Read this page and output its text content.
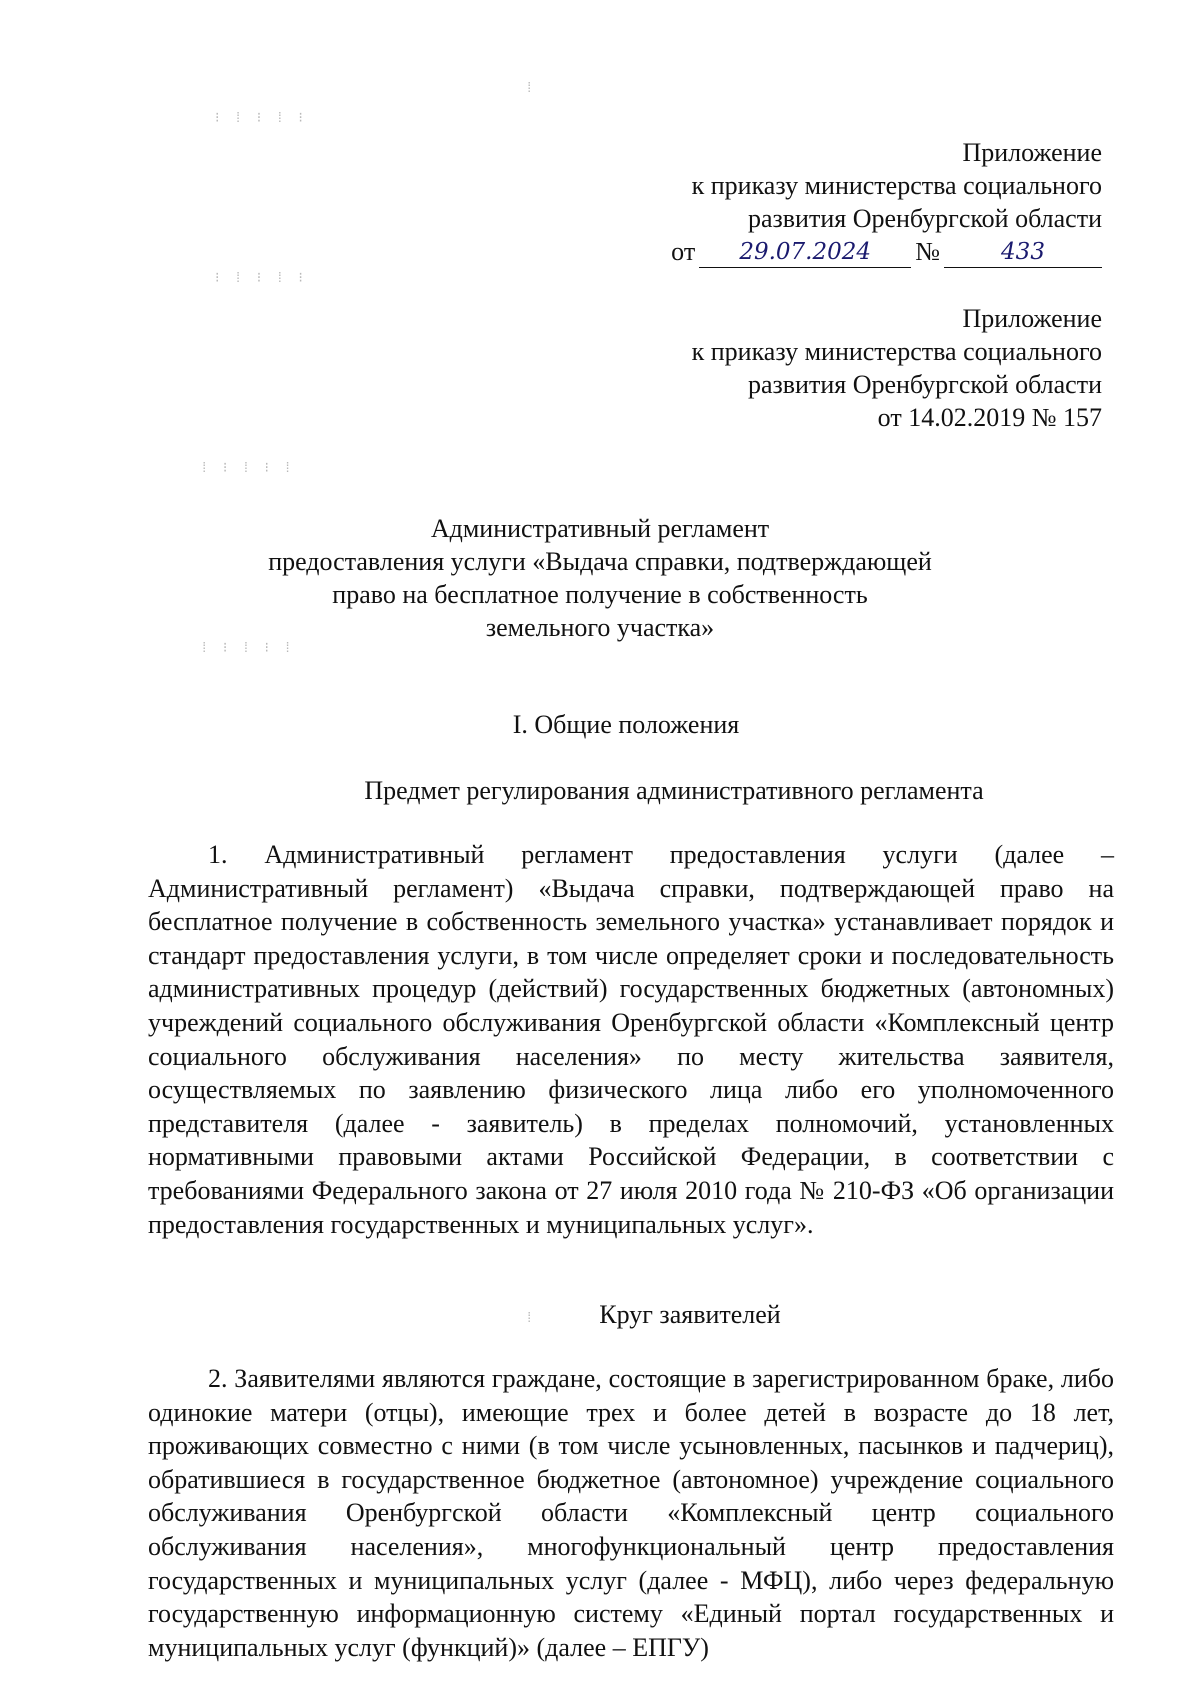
⁝ ⁞ ⁝ ⁞ ⁝
⁝ ⁞ ⁝ ⁞ ⁝
⁞ ⁝ ⁞ ⁝ ⁞
⁞ ⁝ ⁞ ⁝ ⁞
⁞
⁞
Приложение
к приказу министерства социального
развития Оренбургской области
от	29.07.2024	№	433
Приложение
к приказу министерства социального
развития Оренбургской области
от 14.02.2019 № 157
Административный регламент
предоставления услуги «Выдача справки, подтверждающей
право на бесплатное получение в собственность
земельного участка»
I. Общие положения
Предмет регулирования административного регламента
1. Административный регламент предоставления услуги (далее – Административный регламент) «Выдача справки, подтверждающей право на бесплатное получение в собственность земельного участка» устанавливает порядок и стандарт предоставления услуги, в том числе определяет сроки и последовательность административных процедур (действий) государственных бюджетных (автономных) учреждений социального обслуживания Оренбургской области «Комплексный центр социального обслуживания населения» по месту жительства заявителя, осуществляемых по заявлению физического лица либо его уполномоченного представителя (далее - заявитель) в пределах полномочий, установленных нормативными правовыми актами Российской Федерации, в соответствии с требованиями Федерального закона от 27 июля 2010 года № 210-ФЗ «Об организации предоставления государственных и муниципальных услуг».
Круг заявителей
2. Заявителями являются граждане, состоящие в зарегистрированном браке, либо одинокие матери (отцы), имеющие трех и более детей в возрасте до 18 лет, проживающих совместно с ними (в том числе усыновленных, пасынков и падчериц), обратившиеся в государственное бюджетное (автономное) учреждение социального обслуживания Оренбургской области «Комплексный центр социального обслуживания населения», многофункциональный центр предоставления государственных и муниципальных услуг (далее - МФЦ), либо через федеральную государственную информационную систему «Единый портал государственных и муниципальных услуг (функций)» (далее – ЕПГУ)
